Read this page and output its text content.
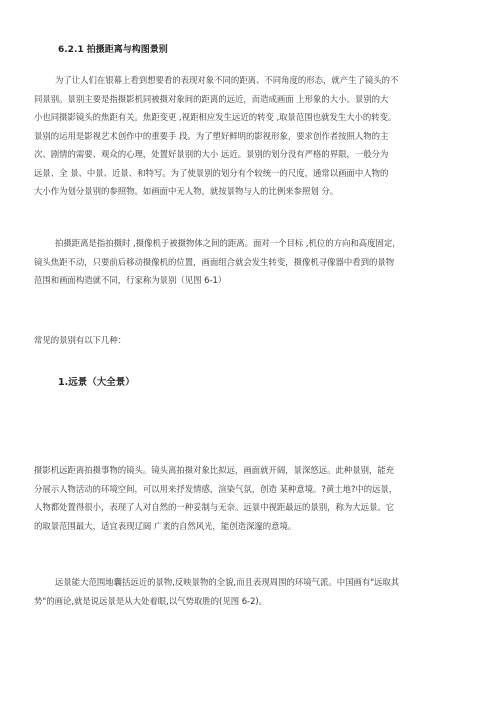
6.2.1 拍摄距离与构图景别
为了让人们在银幕上看到想要看的表现对象不同的距离、不同角度的形态，就产生了镜头的不
同景别。景别主要是指摄影机同被摄对象间的距离的远近，而造成画面 上形象的大小。景别的大
小也同摄影镜头的焦距有关。焦距变更 ,视距相应发生远近的转变 ,取景范围也就发生大小的转变。
景别的运用是影视艺术创作中的重要手 段。为了塑好鲜明的影视形象，要求创作者按照人物的主
次、剧情的需要、观众的心理，处置好景别的大小 远近。景别的划分没有严格的界限，一般分为
远景、全 景、中景、近景、和特写。为了使景别的划分有个较统一的尺度，通常以画面中人物的
大小作为划分景别的参照物。如画面中无人物，就按景物与人的比例来参照划 分。
拍摄距离是指拍摄时 ,摄像机于被摄物体之间的距离。面对一个目标 ,机位的方向和高度固定，
镜头焦距不动，只要前后移动摄像机的位置，画面组合就会发生转变，摄像机寻像器中看到的景物
范围和画面构造就不同，行家称为景别（见图 6-1）
常见的景别有以下几种：
1.远景（大全景）
摄影机远距离拍摄事物的镜头。镜头离拍摄对象比拟远，画面就开阔，景深悠远。此种景别，能充
分展示人物活动的环境空间，可以用来抒发情感，渲染气氛，创造 某种意境。?黄土地?中的远景，
人物都处置得很小，表现了人对自然的一种妥制与无奈。远景中视距最远的景别，称为大远景。它
的取景范围最大，适宜表现辽阔 广袤的自然风光，能创造深邃的意境。
远景能大范围地囊括远近的景物,反映景物的全貌,而且表现周围的环境气派。中国画有"远取其
势"的画论,就是说远景是从大处着眼,以气势取胜的(见图 6-2)。
